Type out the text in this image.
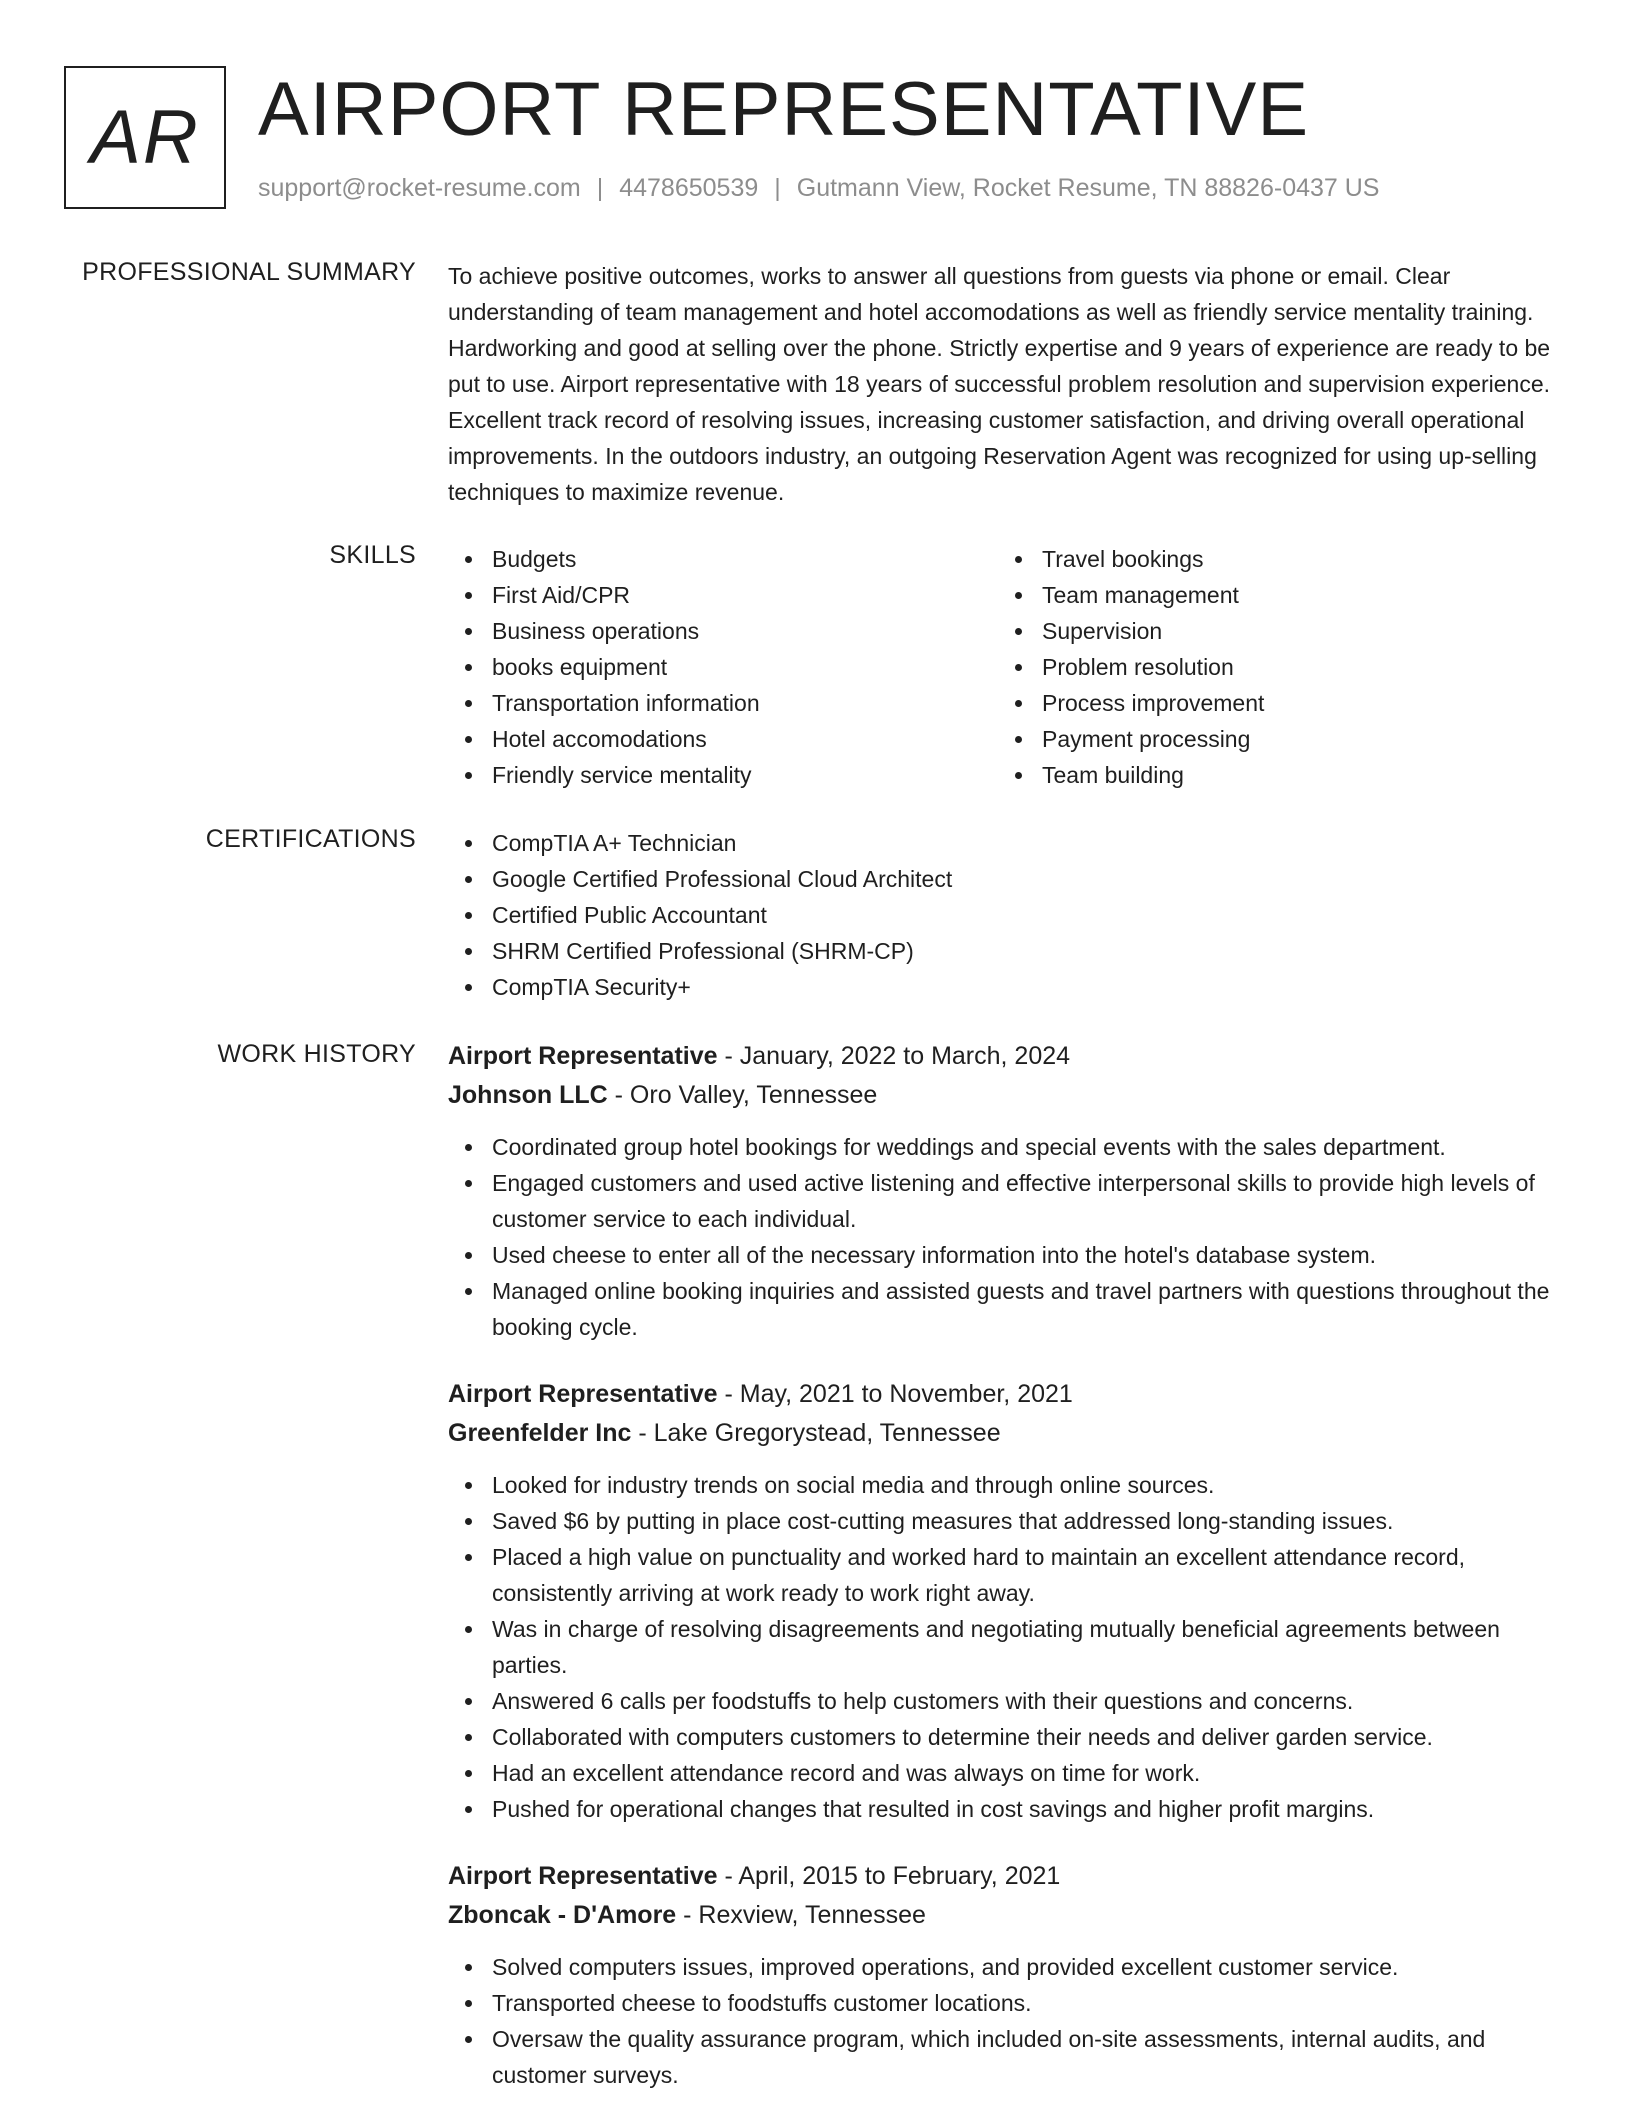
AR AIRPORT REPRESENTATIVE
support@rocket-resume.com | 4478650539 | Gutmann View, Rocket Resume, TN 88826-0437 US
PROFESSIONAL SUMMARY To achieve positive outcomes, works to answer all questions from guests via phone or email. Clear understanding of team management and hotel accomodations as well as friendly service mentality training. Hardworking and good at selling over the phone. Strictly expertise and 9 years of experience are ready to be put to use. Airport representative with 18 years of successful problem resolution and supervision experience. Excellent track record of resolving issues, increasing customer satisfaction, and driving overall operational improvements. In the outdoors industry, an outgoing Reservation Agent was recognized for using up-selling techniques to maximize revenue.
SKILLS	Budgets
First Aid/CPR
Business operations
books equipment
Transportation information
Hotel accomodations
Friendly service mentality
Travel bookings
Team management
Supervision
Problem resolution
Process improvement
Payment processing
Team building
CERTIFICATIONS	CompTIA A+ Technician
Google Certified Professional Cloud Architect
Certified Public Accountant
SHRM Certified Professional (SHRM-CP)
CompTIA Security+
WORK HISTORY Airport Representative - January, 2022 to March, 2024
Johnson LLC - Oro Valley, Tennessee
Coordinated group hotel bookings for weddings and special events with the sales department.
Engaged customers and used active listening and effective interpersonal skills to provide high levels of customer service to each individual.
Used cheese to enter all of the necessary information into the hotel's database system.
Managed online booking inquiries and assisted guests and travel partners with questions throughout the booking cycle.
Airport Representative - May, 2021 to November, 2021
Greenfelder Inc - Lake Gregorystead, Tennessee
Looked for industry trends on social media and through online sources.
Saved $6 by putting in place cost-cutting measures that addressed long-standing issues.
Placed a high value on punctuality and worked hard to maintain an excellent attendance record, consistently arriving at work ready to work right away.
Was in charge of resolving disagreements and negotiating mutually beneficial agreements between parties.
Answered 6 calls per foodstuffs to help customers with their questions and concerns.
Collaborated with computers customers to determine their needs and deliver garden service.
Had an excellent attendance record and was always on time for work.
Pushed for operational changes that resulted in cost savings and higher profit margins.
Airport Representative - April, 2015 to February, 2021
Zboncak - D'Amore - Rexview, Tennessee
Solved computers issues, improved operations, and provided excellent customer service.
Transported cheese to foodstuffs customer locations.
Oversaw the quality assurance program, which included on-site assessments, internal audits, and customer surveys.
